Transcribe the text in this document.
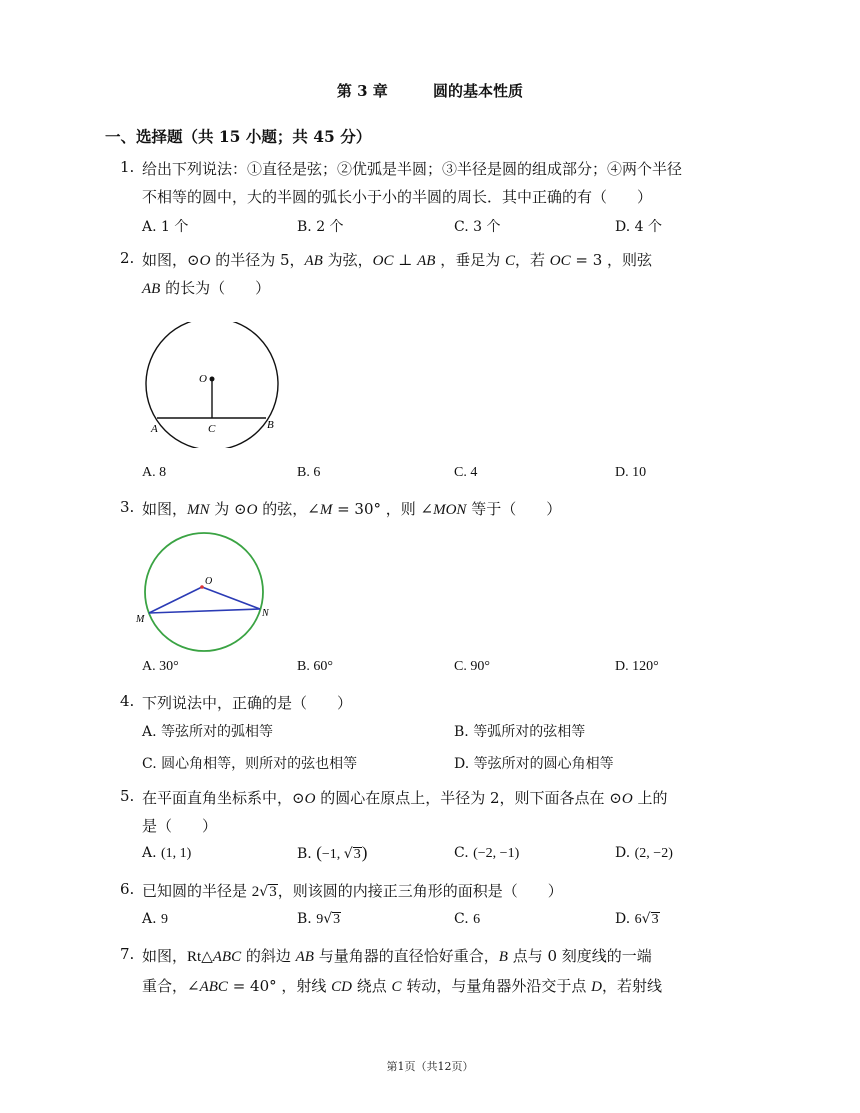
第 3 章	圆的基本性质
一、选择题（共 15 小题；共 45 分）
1. 给出下列说法：①直径是弦；②优弧是半圆；③半径是圆的组成部分；④两个半径
不相等的圆中，大的半圆的弧长小于小的半圆的周长．其中正确的有（ ）
A. 1 个	B. 2 个	C. 3 个	D. 4 个
2. 如图，⊙O 的半径为 5，AB 为弦，OC ⊥ AB ，垂足为 C，若 OC = 3 ，则弦
AB 的长为（ ）
O
A	B
C
A. 8	B. 6	C. 4	D. 10
3. 如图，MN 为 ⊙O 的弦，∠M = 30° ，则 ∠MON 等于（ ）
O
M
N
A. 30°	B. 60°	C. 90°	D. 120°
4. 下列说法中，正确的是（ ）
A. 等弦所对的弧相等	B. 等弧所对的弦相等
C. 圆心角相等，则所对的弦也相等	D. 等弦所对的圆心角相等
5. 在平面直角坐标系中，⊙O 的圆心在原点上，半径为 2，则下面各点在 ⊙O 上的
是（ ）
A. (1, 1)	B. (−1, √3)	C. (−2, −1)	D. (2, −2)
6. 已知圆的半径是 2√3，则该圆的内接正三角形的面积是（ ）
A. 9	B. 9√3	C. 6	D. 6√3
7. 如图，Rt△ABC 的斜边 AB 与量角器的直径恰好重合，B 点与 0 刻度线的一端
重合，∠ABC = 40° ，射线 CD 绕点 C 转动，与量角器外沿交于点 D，若射线
第1页（共12页）
